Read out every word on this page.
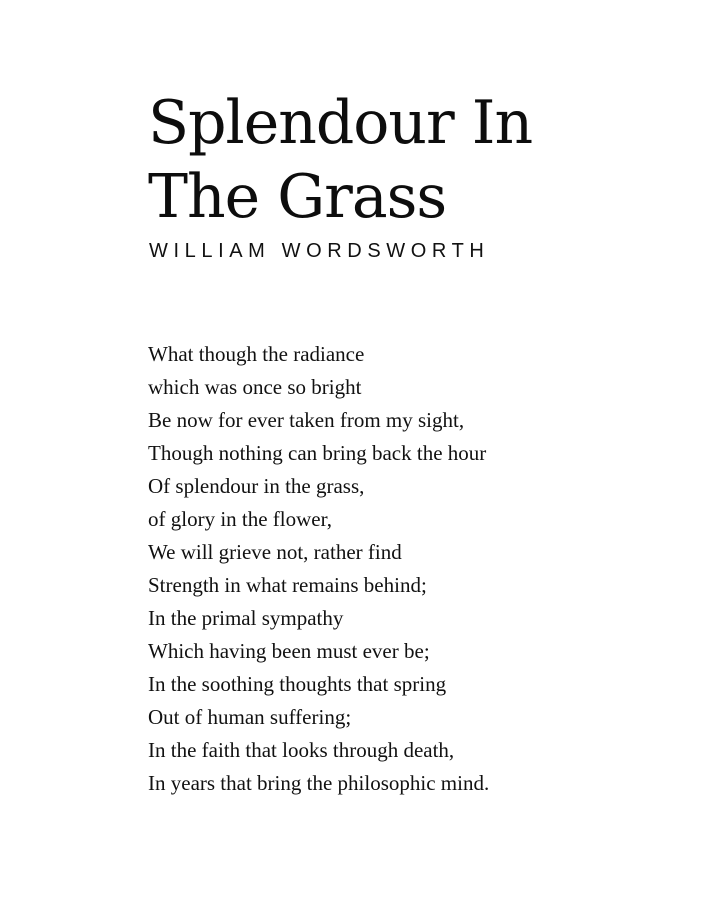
Splendour In
The Grass

WILLIAM WORDSWORTH

What though the radiance
which was once so bright
Be now for ever taken from my sight,
Though nothing can bring back the hour
Of splendour in the grass,
of glory in the flower,
We will grieve not, rather find
Strength in what remains behind;
In the primal sympathy
Which having been must ever be;
In the soothing thoughts that spring
Out of human suffering;
In the faith that looks through death,
In years that bring the philosophic mind.
